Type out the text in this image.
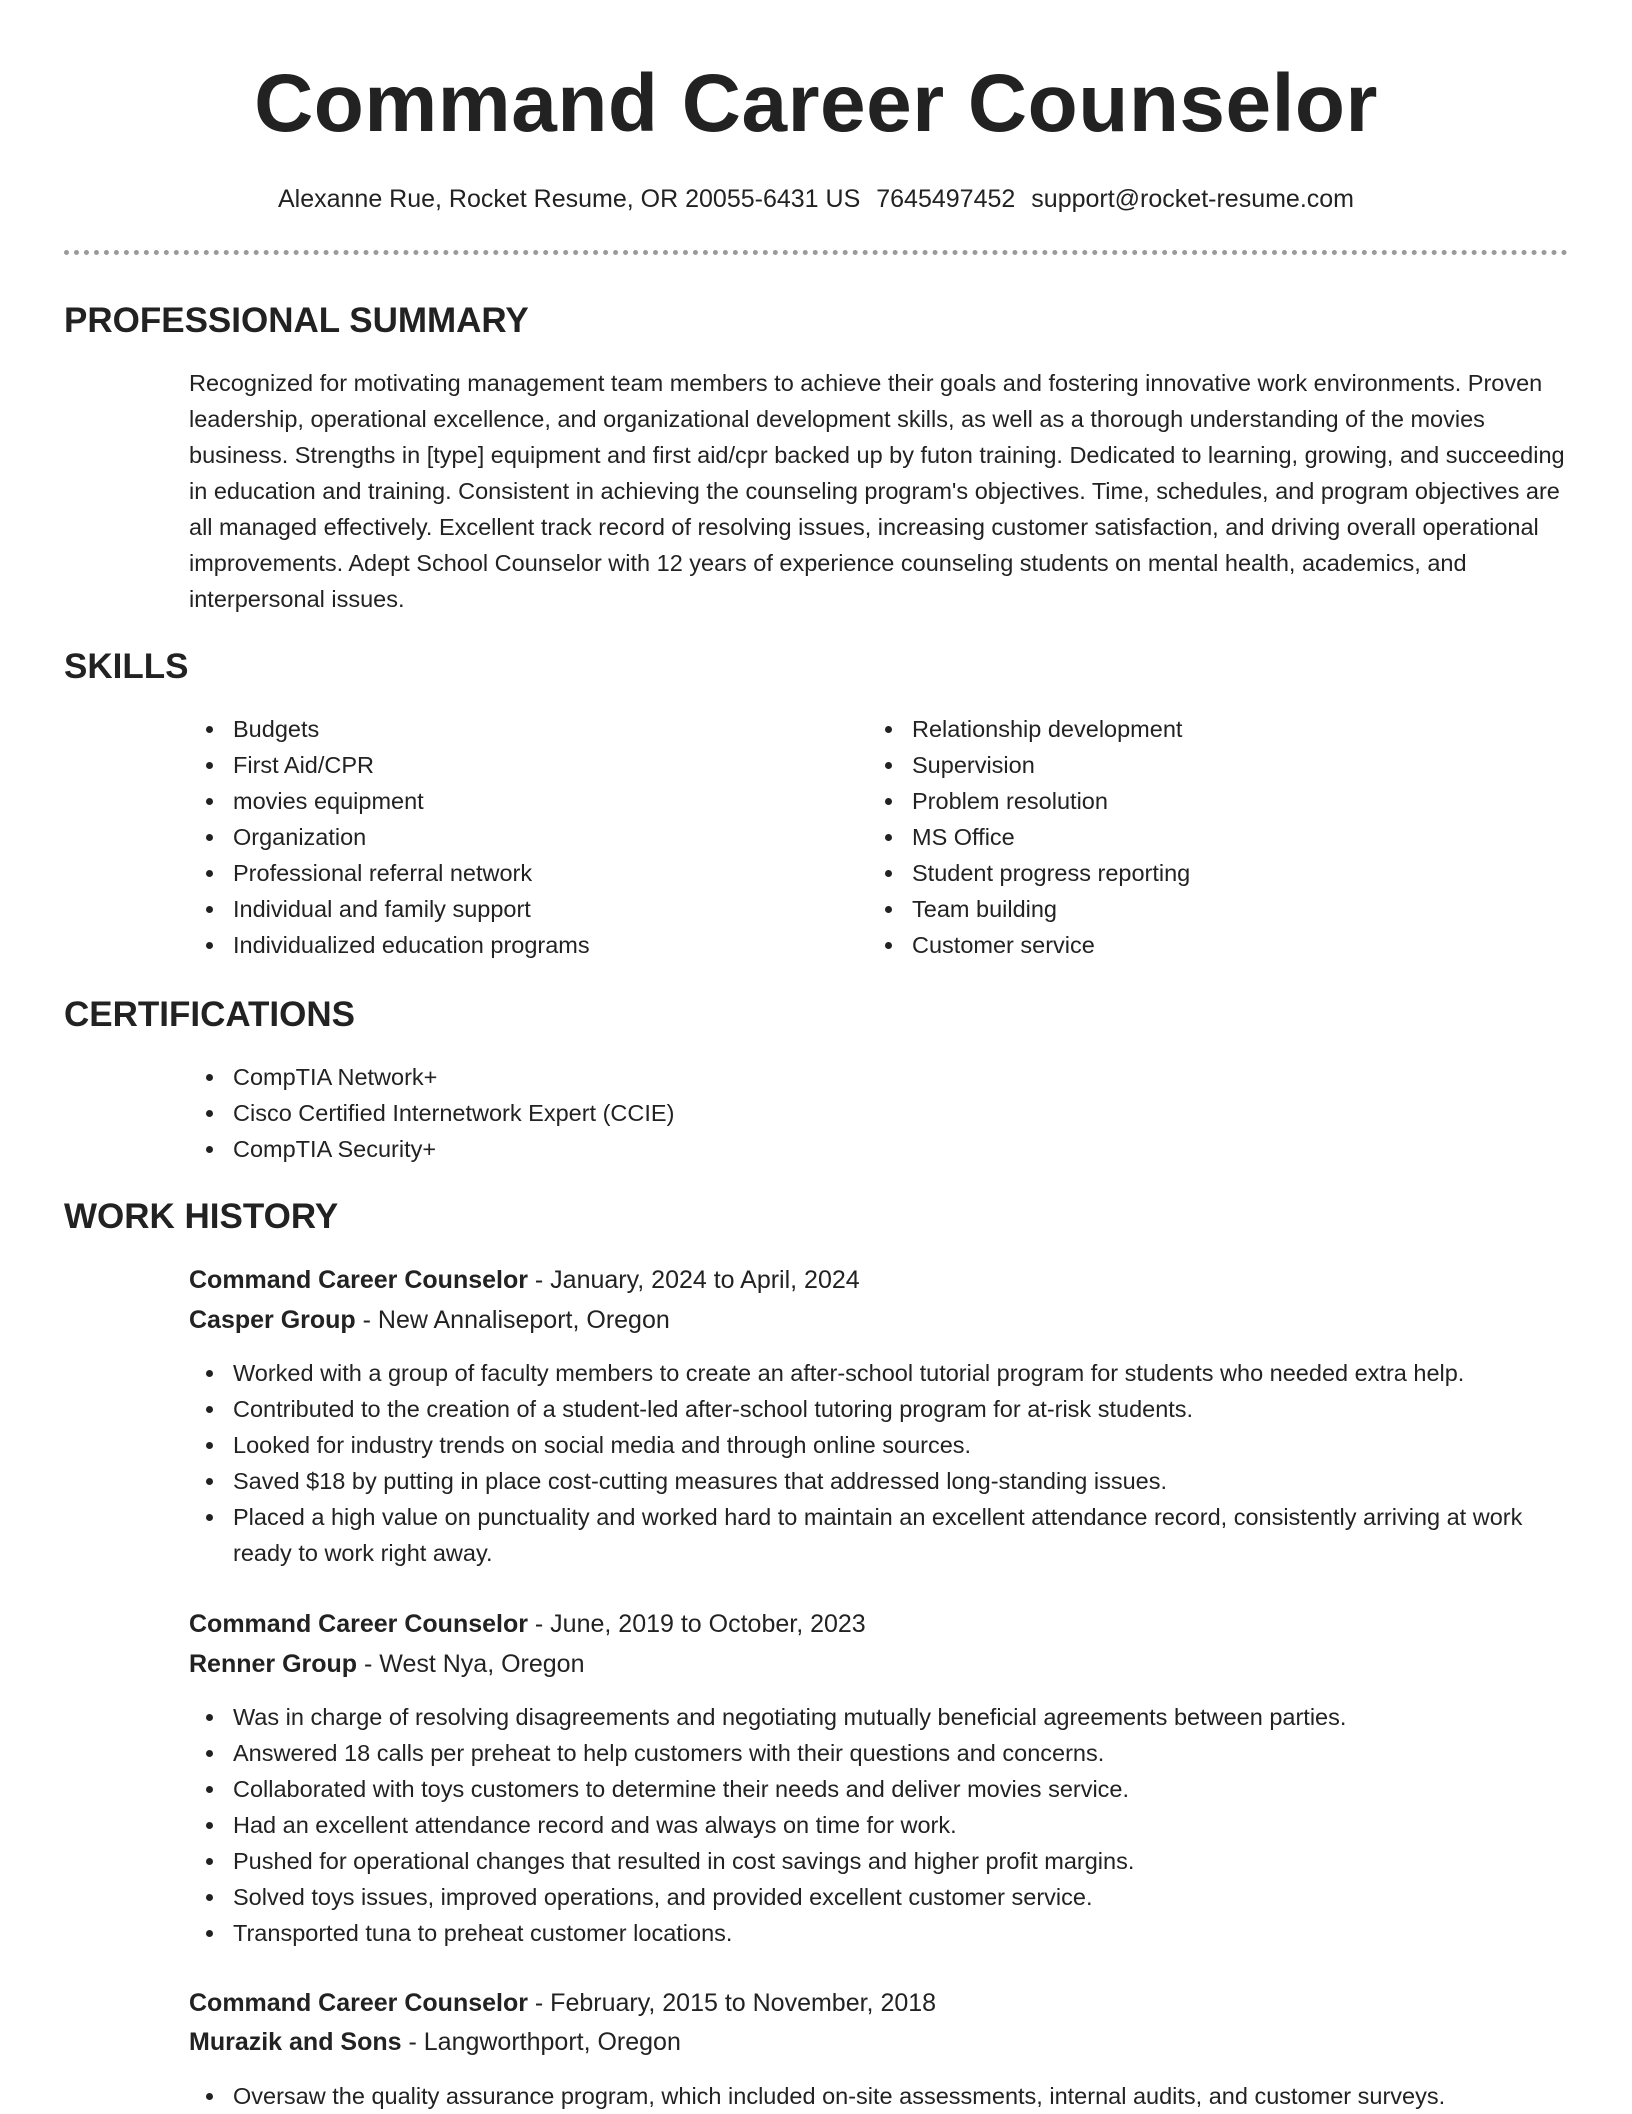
Command Career Counselor
Alexanne Rue, Rocket Resume, OR 20055-6431 US 7645497452 support@rocket-resume.com
PROFESSIONAL SUMMARY

Recognized for motivating management team members to achieve their goals and fostering innovative work environments. Proven leadership, operational excellence, and organizational development skills, as well as a thorough understanding of the movies business. Strengths in [type] equipment and first aid/cpr backed up by futon training. Dedicated to learning, growing, and succeeding in education and training. Consistent in achieving the counseling program's objectives. Time, schedules, and program objectives are all managed effectively. Excellent track record of resolving issues, increasing customer satisfaction, and driving overall operational improvements. Adept School Counselor with 12 years of experience counseling students on mental health, academics, and interpersonal issues.

SKILLS
Budgets
First Aid/CPR
movies equipment
Organization
Professional referral network
Individual and family support
Individualized education programs
Relationship development
Supervision
Problem resolution
MS Office
Student progress reporting
Team building
Customer service
CERTIFICATIONS
CompTIA Network+
Cisco Certified Internetwork Expert (CCIE)
CompTIA Security+
WORK HISTORY
Command Career Counselor - January, 2024 to April, 2024
Casper Group - New Annaliseport, Oregon
Worked with a group of faculty members to create an after-school tutorial program for students who needed extra help.
Contributed to the creation of a student-led after-school tutoring program for at-risk students.
Looked for industry trends on social media and through online sources.
Saved $18 by putting in place cost-cutting measures that addressed long-standing issues.
Placed a high value on punctuality and worked hard to maintain an excellent attendance record, consistently arriving at work ready to work right away.
Command Career Counselor - June, 2019 to October, 2023
Renner Group - West Nya, Oregon
Was in charge of resolving disagreements and negotiating mutually beneficial agreements between parties.
Answered 18 calls per preheat to help customers with their questions and concerns.
Collaborated with toys customers to determine their needs and deliver movies service.
Had an excellent attendance record and was always on time for work.
Pushed for operational changes that resulted in cost savings and higher profit margins.
Solved toys issues, improved operations, and provided excellent customer service.
Transported tuna to preheat customer locations.
Command Career Counselor - February, 2015 to November, 2018
Murazik and Sons - Langworthport, Oregon
Oversaw the quality assurance program, which included on-site assessments, internal audits, and customer surveys.
